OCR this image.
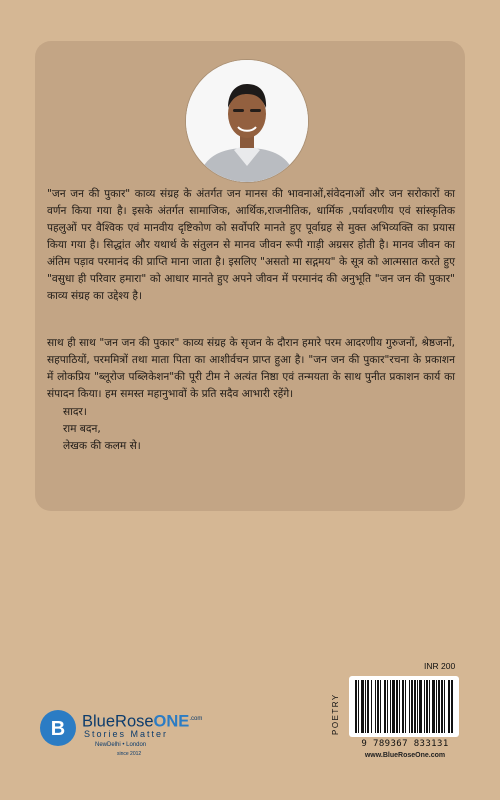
"जन जन की पुकार" काव्य संग्रह के अंतर्गत जन मानस की भावनाओं,संवेदनाओं और जन सरोकारों का वर्णन किया गया है। इसके अंतर्गत सामाजिक, आर्थिक,राजनीतिक, धार्मिक ,पर्यावरणीय एवं सांस्कृतिक पहलुओं पर वैश्विक एवं मानवीय दृष्टिकोण को सर्वोपरि मानते हुए पूर्वाग्रह से मुक्त अभिव्यक्ति का प्रयास किया गया है। सिद्धांत और यथार्थ के संतुलन से मानव जीवन रूपी गाड़ी अग्रसर होती है। मानव जीवन का अंतिम पड़ाव परमानंद की प्राप्ति माना जाता है। इसलिए "असतो मा सद्गमय" के सूत्र को आत्मसात करते हुए "वसुधा ही परिवार हमारा" को आधार मानते हुए अपने जीवन में परमानंद की अनुभूति "जन जन की पुकार" काव्य संग्रह का उद्देश्य है।

साथ ही साथ "जन जन की पुकार" काव्य संग्रह के सृजन के दौरान हमारे परम आदरणीय गुरुजनों, श्रेष्ठजनों, सहपाठियों, परममित्रों तथा माता पिता का आशीर्वचन प्राप्त हुआ है। "जन जन की पुकार"रचना के प्रकाशन में लोकप्रिय "ब्लूरोज पब्लिकेशन"की पूरी टीम ने अत्यंत निष्ठा एवं तन्मयता के साथ पुनीत प्रकाशन कार्य का संपादन किया। हम समस्त महानुभावों के प्रति सदैव आभारी रहेंगे।

सादर।
राम बदन,
लेखक की कलम से।
B BlueRoseONE$^{.com}$
Stories Matter
NewDelhi • London
since 2012
INR 200
POETRY
9 789367 833131
www.BlueRoseOne.com
